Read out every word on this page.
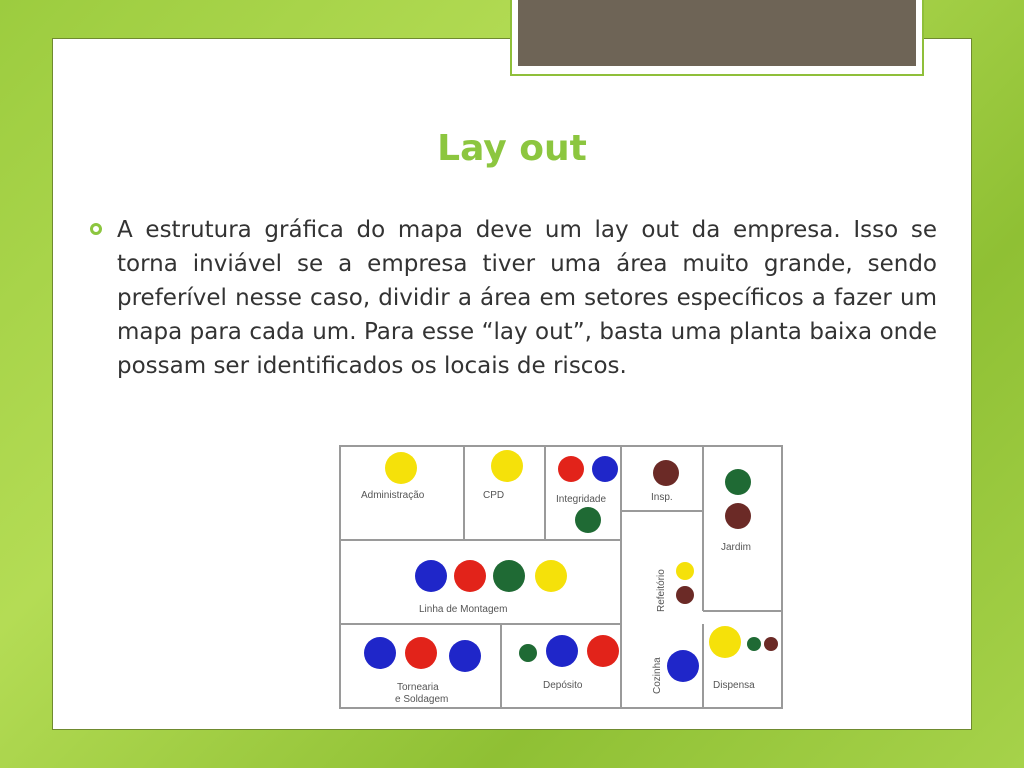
Lay out
A estrutura gráfica do mapa deve um lay out da empresa. Isso se torna inviável se a empresa tiver uma área muito grande, sendo preferível nesse caso, dividir a área em setores específicos a fazer um mapa para cada um. Para esse “lay out”, basta uma planta baixa onde possam ser identificados os locais de riscos.
Administração	CPD	Integridade	Insp.
Jardim
Linha de Montagem	Refeitório
Tornearia
e Soldagem
Depósito	Cozinha	Dispensa
